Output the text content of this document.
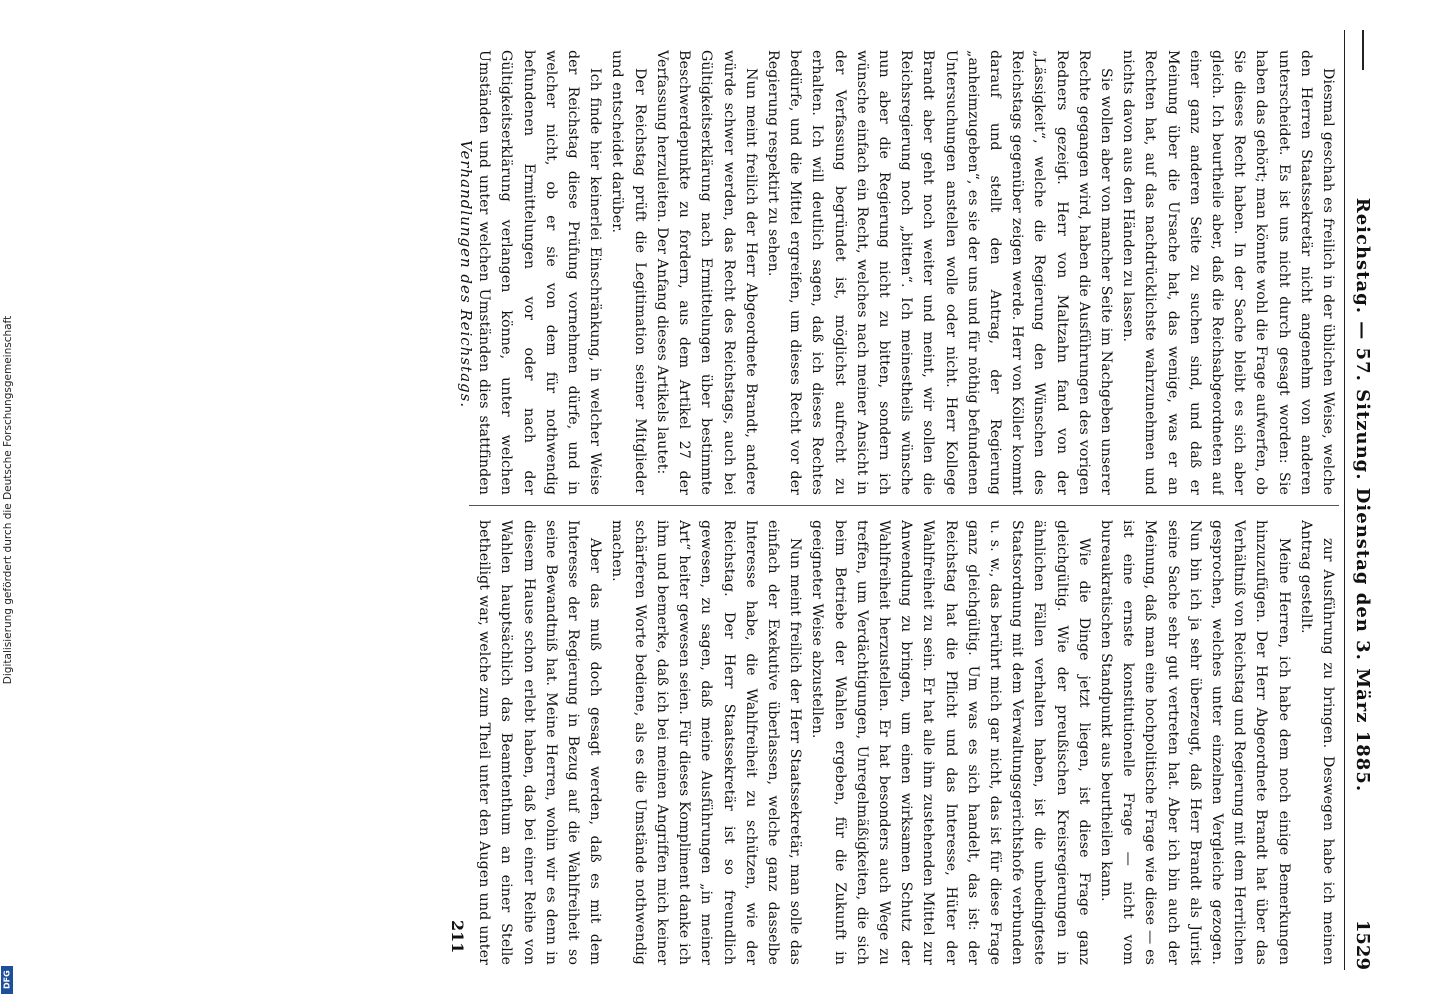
Digitalisierung gefördert durch die Deutsche Forschungsgemeinschaft
DFG
Reichstag. — 57. Sitzung. Dienstag den 3. März 1885.
1529

Diesmal geschah es freilich in der üblichen Weise, welche den Herren Staatssekretär nicht angenehm von anderen unterscheidet. Es ist uns nicht durch gesagt worden: Sie haben das gehört; man könnte wohl die Frage aufwerfen, ob Sie dieses Recht haben. In der Sache bleibt es sich aber gleich. Ich beurtheile aber, daß die Reichsabgeordneten auf einer ganz anderen Seite zu suchen sind, und daß er Meinung über die Ursache hat, das wenige, was er an Rechten hat, auf das nachdrücklichste wahrzunehmen und nichts davon aus den Händen zu lassen.

Sie wollen aber von mancher Seite im Nachgeben unserer Rechte gegangen wird, haben die Ausführungen des vorigen Redners gezeigt. Herr von Maltzahn fand von der „Lässigkeit“, welche die Regierung den Wünschen des Reichstags gegenüber zeigen werde. Herr von Köller kommt darauf und stellt den Antrag, der Regierung „anheimzugeben“, es sie der uns und für nöthig befundenen Untersuchungen anstellen wolle oder nicht. Herr Kollege Brandt aber geht noch weiter und meint, wir sollen die Reichsregierung noch „bitten“. Ich meinestheils wünsche nun aber die Regierung nicht zu bitten, sondern ich wünsche einfach ein Recht, welches nach meiner Ansicht in der Verfassung begründet ist, möglichst aufrecht zu erhalten. Ich will deutlich sagen, daß ich dieses Rechtes bedürfe, und die Mittel ergreifen, um dieses Recht vor der Regierung respektirt zu sehen.

Nun meint freilich der Herr Abgeordnete Brandt, andere würde schwer werden, das Recht des Reichstags, auch bei Gültigkeitserklärung nach Ermittelungen über bestimmte Beschwerdepunkte zu fordern, aus dem Artikel 27 der Verfassung herzuleiten. Der Anfang dieses Artikels lautet:

Der Reichstag prüft die Legitimation seiner Mitglieder und entscheidet darüber.

Ich finde hier keinerlei Einschränkung, in welcher Weise der Reichstag diese Prüfung vornehmen dürfe, und in welcher nicht, ob er sie von dem für nothwendig befundenen Ermittelungen vor oder nach der Gültigkeitserklärung verlangen könne, unter welchen Umständen und unter welchen Umständen dies stattfinden

zur Ausführung zu bringen. Deswegen habe ich meinen Antrag gestellt.

Meine Herren, ich habe dem noch einige Bemerkungen hinzuzufügen. Der Herr Abgeordnete Brandt hat über das Verhältniß von Reichstag und Regierung mit dem Herrlichen gesprochen, welches unter einzelnen Vergleiche gezogen. Nun bin ich ja sehr überzeugt, daß Herr Brandt als Jurist seine Sache sehr gut vertreten hat. Aber ich bin auch der Meinung, daß man eine hochpolitische Frage wie diese — es ist eine ernste konstitutionelle Frage — nicht vom bureaukratischen Standpunkt aus beurtheilen kann.

Wie die Dinge jetzt liegen, ist diese Frage ganz gleichgültig. Wie der preußischen Kreisregierungen in ähnlichen Fällen verhalten haben, ist die unbedingteste Staatsordnung mit dem Verwaltungsgerichtshofe verbunden u. s. w., das berührt mich gar nicht, das ist für diese Frage ganz gleichgültig. Um was es sich handelt, das ist: der Reichstag hat die Pflicht und das Interesse, Hüter der Wahlfreiheit zu sein. Er hat alle ihm zustehenden Mittel zur Anwendung zu bringen, um einen wirksamen Schutz der Wahlfreiheit herzustellen. Er hat besonders auch Wege zu treffen, um Verdächtigungen, Unregelmäßigkeiten, die sich beim Betriebe der Wahlen ergeben, für die Zukunft in geeigneter Weise abzustellen.

Nun meint freilich der Herr Staatssekretär, man solle das einfach der Exekutive überlassen, welche ganz dasselbe Interesse habe, die Wahlfreiheit zu schützen, wie der Reichstag. Der Herr Staatssekretär ist so freundlich gewesen, zu sagen, daß meine Ausführungen „in meiner Art“ heiter gewesen seien. Für dieses Kompliment danke ich ihm und bemerke, daß ich bei meinen Angriffen mich keiner schärferen Worte bediene, als es die Umstände nothwendig machen.

Aber das muß doch gesagt werden, daß es mit dem Interesse der Regierung in Bezug auf die Wahlfreiheit so seine Bewandtniß hat. Meine Herren, wohin wir es denn in diesem Hause schon erlebt haben, daß bei einer Reihe von Wahlen hauptsächlich das Beamtenthum an einer Stelle betheiligt war, welche zum Theil unter den Augen und unter

Verhandlungen des Reichstags.
211
